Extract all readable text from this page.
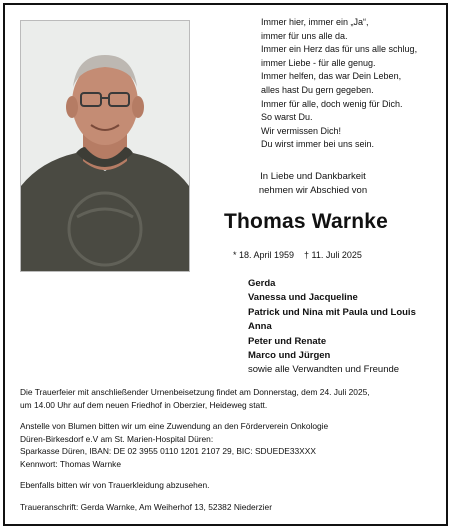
Immer hier, immer ein „Ja“,
immer für uns alle da.
Immer ein Herz das für uns alle schlug,
immer Liebe - für alle genug.
Immer helfen, das war Dein Leben,
alles hast Du gern gegeben.
Immer für alle, doch wenig für Dich.
So warst Du.
Wir vermissen Dich!
Du wirst immer bei uns sein.
In Liebe und Dankbarkeit
nehmen wir Abschied von
Thomas Warnke
* 18. April 1959 † 11. Juli 2025
Gerda
Vanessa und Jacqueline
Patrick und Nina mit Paula und Louis
Anna
Peter und Renate
Marco und Jürgen
sowie alle Verwandten und Freunde
Die Trauerfeier mit anschließender Urnenbeisetzung findet am Donnerstag, dem 24. Juli 2025,
um 14.00 Uhr auf dem neuen Friedhof in Oberzier, Heideweg statt.
Anstelle von Blumen bitten wir um eine Zuwendung an den Förderverein Onkologie
Düren-Birkesdorf e.V am St. Marien-Hospital Düren:
Sparkasse Düren, IBAN: DE 02 3955 0110 1201 2107 29, BIC: SDUEDE33XXX
Kennwort: Thomas Warnke
Ebenfalls bitten wir von Trauerkleidung abzusehen.
Traueranschrift: Gerda Warnke, Am Weiherhof 13, 52382 Niederzier
